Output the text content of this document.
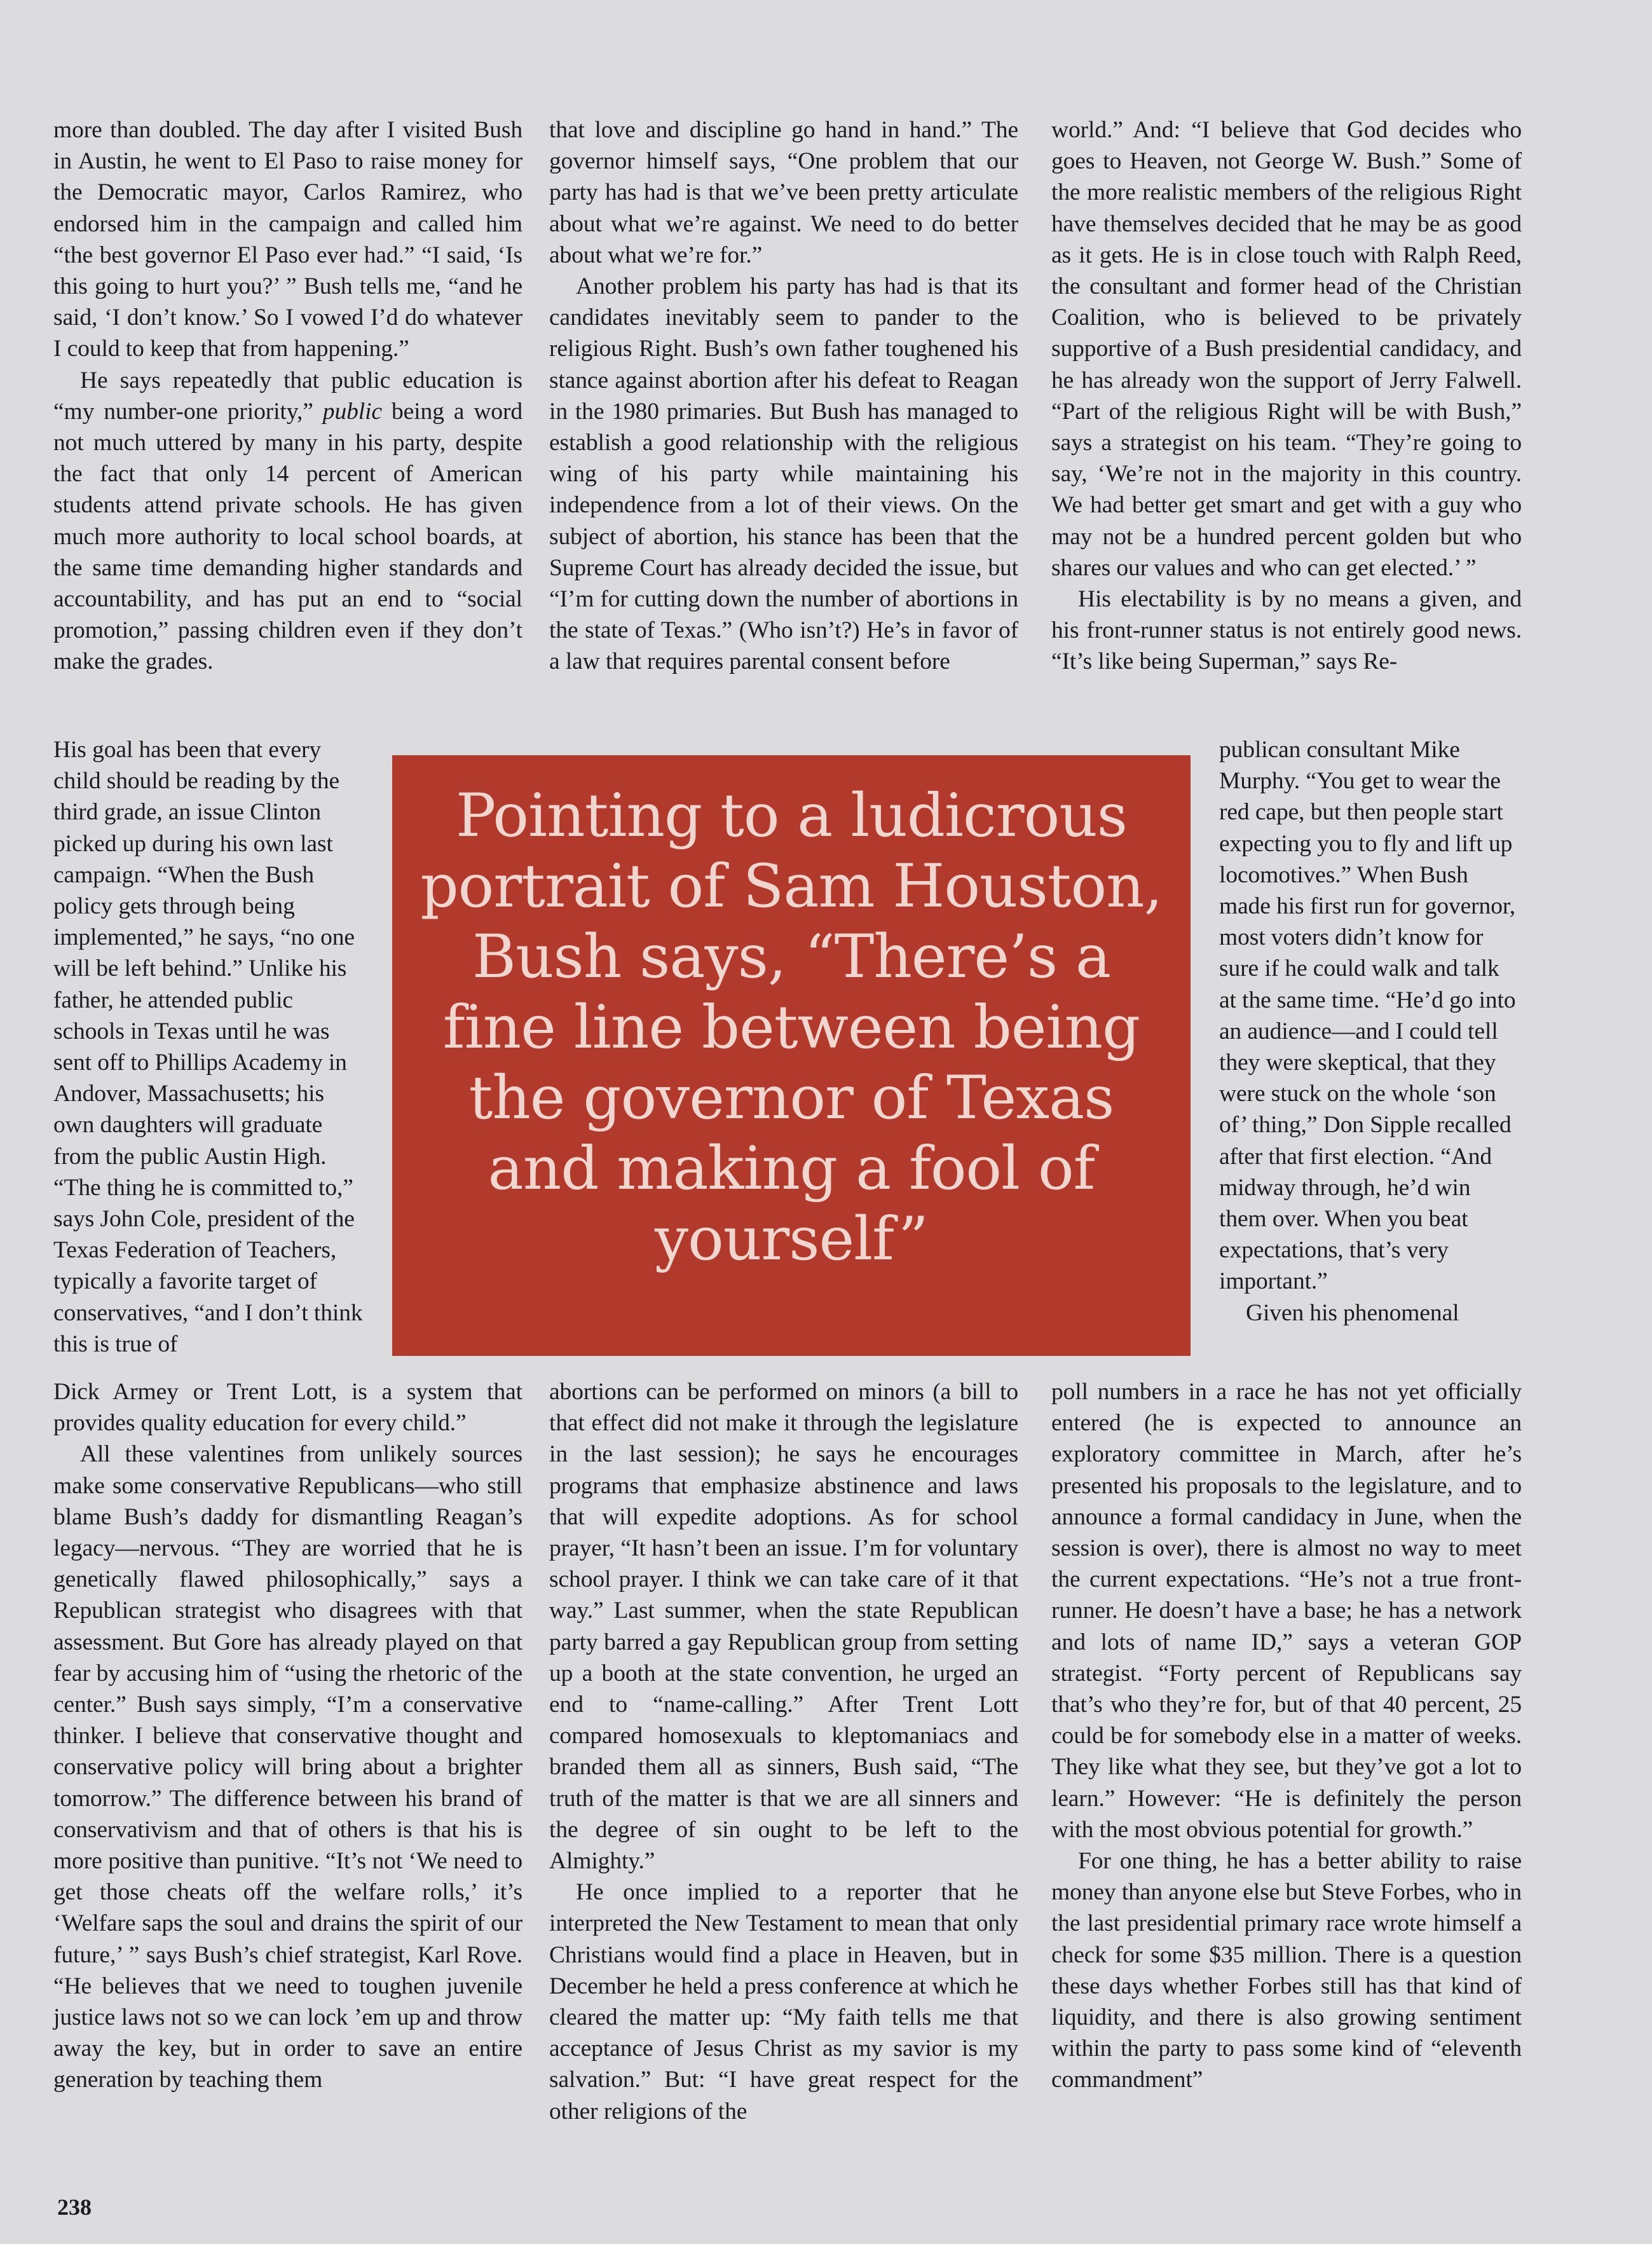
more than doubled. The day after I visited Bush in Austin, he went to El Paso to raise money for the Democratic mayor, Carlos Ramirez, who endorsed him in the campaign and called him “the best governor El Paso ever had.” “I said, ‘Is this going to hurt you?’ ” Bush tells me, “and he said, ‘I don’t know.’ So I vowed I’d do whatever I could to keep that from happening.”

He says repeatedly that public education is “my number-one priority,” public being a word not much uttered by many in his party, despite the fact that only 14 percent of American students attend private schools. He has given much more authority to local school boards, at the same time demanding higher standards and accountability, and has put an end to “social promotion,” passing children even if they don’t make the grades.

His goal has been that every child should be reading by the third grade, an issue Clinton picked up during his own last campaign. “When the Bush policy gets through being implemented,” he says, “no one will be left behind.” Unlike his father, he attended public schools in Texas until he was sent off to Phillips Academy in Andover, Massachusetts; his own daughters will graduate from the public Austin High. “The thing he is committed to,” says John Cole, president of the Texas Federation of Teachers, typically a favorite target of conservatives, “and I don’t think this is true of

Dick Armey or Trent Lott, is a system that provides quality education for every child.”

All these valentines from unlikely sources make some conservative Republicans—who still blame Bush’s daddy for dismantling Reagan’s legacy—nervous. “They are worried that he is genetically flawed philosophically,” says a Republican strategist who disagrees with that assessment. But Gore has already played on that fear by accusing him of “using the rhetoric of the center.” Bush says simply, “I’m a conservative thinker. I believe that conservative thought and conservative policy will bring about a brighter tomorrow.” The difference between his brand of conservativism and that of others is that his is more positive than punitive. “It’s not ‘We need to get those cheats off the welfare rolls,’ it’s ‘Welfare saps the soul and drains the spirit of our future,’ ” says Bush’s chief strategist, Karl Rove. “He believes that we need to toughen juvenile justice laws not so we can lock ’em up and throw away the key, but in order to save an entire generation by teaching them

that love and discipline go hand in hand.” The governor himself says, “One problem that our party has had is that we’ve been pretty articulate about what we’re against. We need to do better about what we’re for.”

Another problem his party has had is that its candidates inevitably seem to pander to the religious Right. Bush’s own father toughened his stance against abortion after his defeat to Reagan in the 1980 primaries. But Bush has managed to establish a good relationship with the religious wing of his party while maintaining his independence from a lot of their views. On the subject of abortion, his stance has been that the Supreme Court has already decided the issue, but “I’m for cutting down the number of abortions in the state of Texas.” (Who isn’t?) He’s in favor of a law that requires parental consent before

abortions can be performed on minors (a bill to that effect did not make it through the legislature in the last session); he says he encourages programs that emphasize abstinence and laws that will expedite adoptions. As for school prayer, “It hasn’t been an issue. I’m for voluntary school prayer. I think we can take care of it that way.” Last summer, when the state Republican party barred a gay Republican group from setting up a booth at the state convention, he urged an end to “name-calling.” After Trent Lott compared homosexuals to kleptomaniacs and branded them all as sinners, Bush said, “The truth of the matter is that we are all sinners and the degree of sin ought to be left to the Almighty.”

He once implied to a reporter that he interpreted the New Testament to mean that only Christians would find a place in Heaven, but in December he held a press conference at which he cleared the matter up: “My faith tells me that acceptance of Jesus Christ as my savior is my salvation.” But: “I have great respect for the other religions of the

world.” And: “I believe that God decides who goes to Heaven, not George W. Bush.” Some of the more realistic members of the religious Right have themselves decided that he may be as good as it gets. He is in close touch with Ralph Reed, the consultant and former head of the Christian Coalition, who is believed to be privately supportive of a Bush presidential candidacy, and he has already won the support of Jerry Falwell. “Part of the religious Right will be with Bush,” says a strategist on his team. “They’re going to say, ‘We’re not in the majority in this country. We had better get smart and get with a guy who may not be a hundred percent golden but who shares our values and who can get elected.’ ”

His electability is by no means a given, and his front-runner status is not entirely good news. “It’s like being Superman,” says Re-

publican consultant Mike Murphy. “You get to wear the red cape, but then people start expecting you to fly and lift up locomotives.” When Bush made his first run for governor, most voters didn’t know for sure if he could walk and talk at the same time. “He’d go into an audience—and I could tell they were skeptical, that they were stuck on the whole ‘son of’ thing,” Don Sipple recalled after that first election. “And midway through, he’d win them over. When you beat expectations, that’s very important.”

Given his phenomenal

poll numbers in a race he has not yet officially entered (he is expected to announce an exploratory committee in March, after he’s presented his proposals to the legislature, and to announce a formal candidacy in June, when the session is over), there is almost no way to meet the current expectations. “He’s not a true front-runner. He doesn’t have a base; he has a network and lots of name ID,” says a veteran GOP strategist. “Forty percent of Republicans say that’s who they’re for, but of that 40 percent, 25 could be for somebody else in a matter of weeks. They like what they see, but they’ve got a lot to learn.” However: “He is definitely the person with the most obvious potential for growth.”

For one thing, he has a better ability to raise money than anyone else but Steve Forbes, who in the last presidential primary race wrote himself a check for some $35 million. There is a question these days whether Forbes still has that kind of liquidity, and there is also growing sentiment within the party to pass some kind of “eleventh commandment”

Pointing to a ludicrous portrait of Sam Houston, Bush says, “There’s a fine line between being the governor of Texas and making a fool of yourself”

238
